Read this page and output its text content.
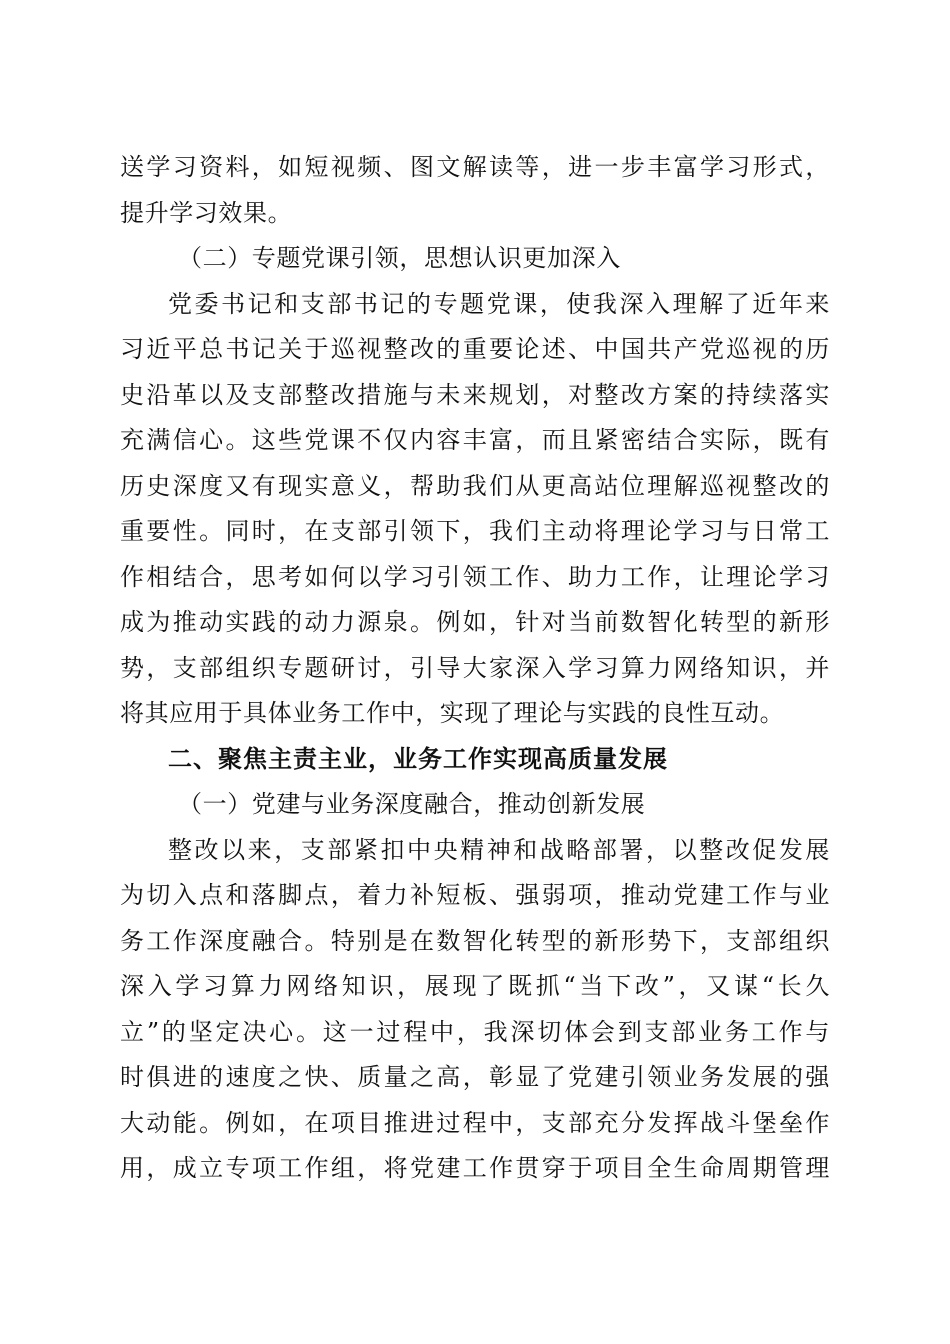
送学习资料，如短视频、图文解读等，进一步丰富学习形式，
提升学习效果。
（二）专题党课引领，思想认识更加深入
党委书记和支部书记的专题党课，使我深入理解了近年来
习近平总书记关于巡视整改的重要论述、中国共产党巡视的历
史沿革以及支部整改措施与未来规划，对整改方案的持续落实
充满信心。这些党课不仅内容丰富，而且紧密结合实际，既有
历史深度又有现实意义，帮助我们从更高站位理解巡视整改的
重要性。同时，在支部引领下，我们主动将理论学习与日常工
作相结合，思考如何以学习引领工作、助力工作，让理论学习
成为推动实践的动力源泉。例如，针对当前数智化转型的新形
势，支部组织专题研讨，引导大家深入学习算力网络知识，并
将其应用于具体业务工作中，实现了理论与实践的良性互动。
二、聚焦主责主业，业务工作实现高质量发展
（一）党建与业务深度融合，推动创新发展
整改以来，支部紧扣中央精神和战略部署，以整改促发展
为切入点和落脚点，着力补短板、强弱项，推动党建工作与业
务工作深度融合。特别是在数智化转型的新形势下，支部组织
深入学习算力网络知识，展现了既抓“当下改”，又谋“长久
立”的坚定决心。这一过程中，我深切体会到支部业务工作与
时俱进的速度之快、质量之高，彰显了党建引领业务发展的强
大动能。例如，在项目推进过程中，支部充分发挥战斗堡垒作
用，成立专项工作组，将党建工作贯穿于项目全生命周期管理
